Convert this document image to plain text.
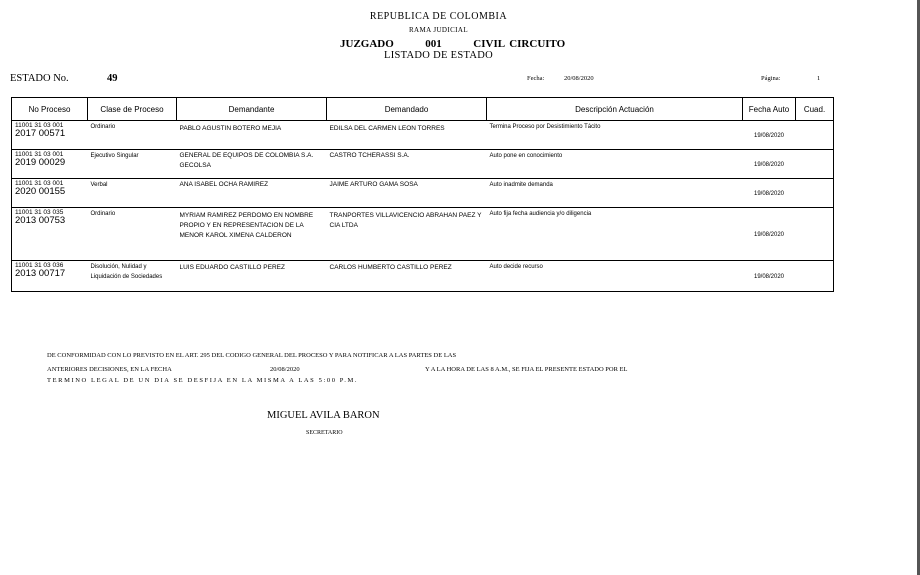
REPUBLICA DE COLOMBIA
RAMA JUDICIAL
JUZGADO	001	CIVIL CIRCUITO
LISTADO DE ESTADO
ESTADO No.	49	Fecha:	20/08/2020	Página:	1
No Proceso	Clase de Proceso	Demandante	Demandado	Descripción Actuación	Fecha Auto	Cuad.

11001 31 03 001
2017 00571	Ordinario	PABLO AGUSTIN BOTERO MEJIA	EDILSA DEL CARMEN LEON TORRES	Termina Proceso por Desistimiento Tácito	19/08/2020	

11001 31 03 001
2019 00029	Ejecutivo Singular	GENERAL DE EQUIPOS DE COLOMBIA S.A. GECOLSA	CASTRO TCHERASSI S.A.	Auto pone en conocimiento	19/08/2020	

11001 31 03 001
2020 00155	Verbal	ANA ISABEL OCHA RAMIREZ	JAIME ARTURO GAMA SOSA	Auto inadmite demanda	19/08/2020	

11001 31 03 035
2013 00753	Ordinario	MYRIAM RAMIREZ PERDOMO EN NOMBRE PROPIO Y EN REPRESENTACION DE LA MENOR KAROL XIMENA CALDERON	TRANPORTES VILLAVICENCIO ABRAHAN PAEZ Y CIA LTDA	Auto fija fecha audiencia y/o diligencia	19/08/2020	

11001 31 03 036
2013 00717	Disolución, Nulidad y Liquidación de Sociedades	LUIS EDUARDO CASTILLO PEREZ	CARLOS HUMBERTO CASTILLO PEREZ	Auto decide recurso	19/08/2020	
DE CONFORMIDAD CON LO PREVISTO EN EL ART. 295 DEL CODIGO GENERAL DEL PROCESO Y PARA NOTIFICAR A LAS PARTES DE LAS
ANTERIORES DECISIONES, EN LA FECHA	20/08/2020	Y A LA HORA DE LAS 8 A.M., SE FIJA EL PRESENTE ESTADO POR EL
TERMINO LEGAL DE UN DIA SE DESFIJA EN LA MISMA A LAS 5:00 P.M.
MIGUEL AVILA BARON
SECRETARIO
